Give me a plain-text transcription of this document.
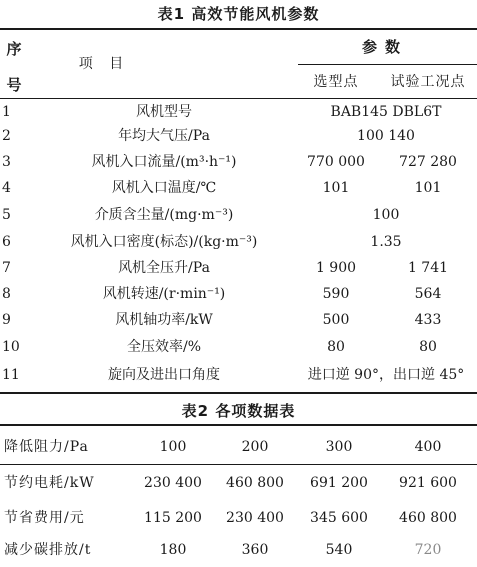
表1 高效节能风机参数
序
号
项 目
参数
选型点	试验工况点
1	风机型号	BAB145 DBL6T
2	年均大气压/Pa	100 140
3	风机入口流量/(m³·h⁻¹)	770 000	727 280
4	风机入口温度/℃	101	101
5	介质含尘量/(mg·m⁻³)	100
6	风机入口密度(标态)/(kg·m⁻³)	1.35
7	风机全压升/Pa	1 900	1 741
8	风机转速/(r·min⁻¹)	590	564
9	风机轴功率/kW	500	433
10	全压效率/%	80	80
11	旋向及进出口角度	进口逆 90°，出口逆 45°
表2 各项数据表
降低阻力/Pa	100	200	300	400
节约电耗/kW	230 400	460 800	691 200	921 600
节省费用/元	115 200	230 400	345 600	460 800
减少碳排放/t	180	360	540	720
